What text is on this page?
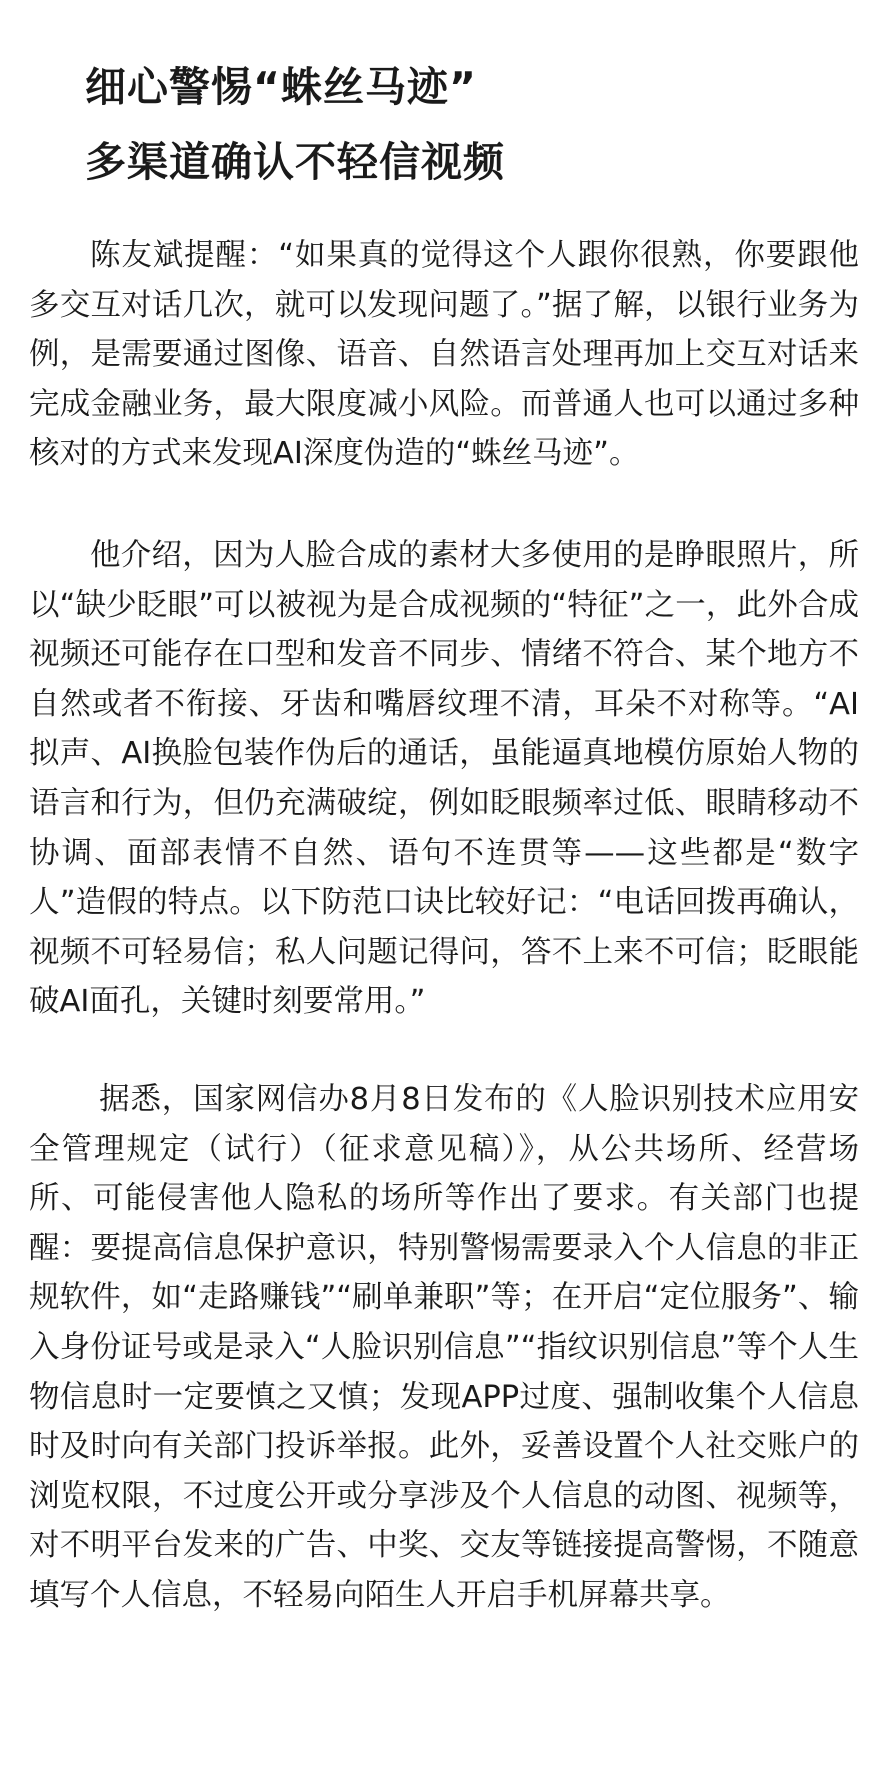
细心警惕“蛛丝马迹”
多渠道确认不轻信视频

陈友斌提醒：“如果真的觉得这个人跟你很熟，你要跟他多交互对话几次，就可以发现问题了。”据了解，以银行业务为例，是需要通过图像、语音、自然语言处理再加上交互对话来完成金融业务，最大限度减小风险。而普通人也可以通过多种核对的方式来发现AI深度伪造的“蛛丝马迹”。

他介绍，因为人脸合成的素材大多使用的是睁眼照片，所以“缺少眨眼”可以被视为是合成视频的“特征”之一，此外合成视频还可能存在口型和发音不同步、情绪不符合、某个地方不自然或者不衔接、牙齿和嘴唇纹理不清，耳朵不对称等。“AI拟声、AI换脸包装作伪后的通话，虽能逼真地模仿原始人物的语言和行为，但仍充满破绽，例如眨眼频率过低、眼睛移动不协调、面部表情不自然、语句不连贯等——这些都是“数字人”造假的特点。以下防范口诀比较好记：“电话回拨再确认，视频不可轻易信；私人问题记得问，答不上来不可信；眨眼能破AI面孔，关键时刻要常用。”

据悉，国家网信办8月8日发布的《人脸识别技术应用安全管理规定（试行）（征求意见稿）》，从公共场所、经营场所、可能侵害他人隐私的场所等作出了要求。有关部门也提醒：要提高信息保护意识，特别警惕需要录入个人信息的非正规软件，如“走路赚钱”“刷单兼职”等；在开启“定位服务”、输入身份证号或是录入“人脸识别信息”“指纹识别信息”等个人生物信息时一定要慎之又慎；发现APP过度、强制收集个人信息时及时向有关部门投诉举报。此外，妥善设置个人社交账户的浏览权限，不过度公开或分享涉及个人信息的动图、视频等，对不明平台发来的广告、中奖、交友等链接提高警惕，不随意填写个人信息，不轻易向陌生人开启手机屏幕共享。
